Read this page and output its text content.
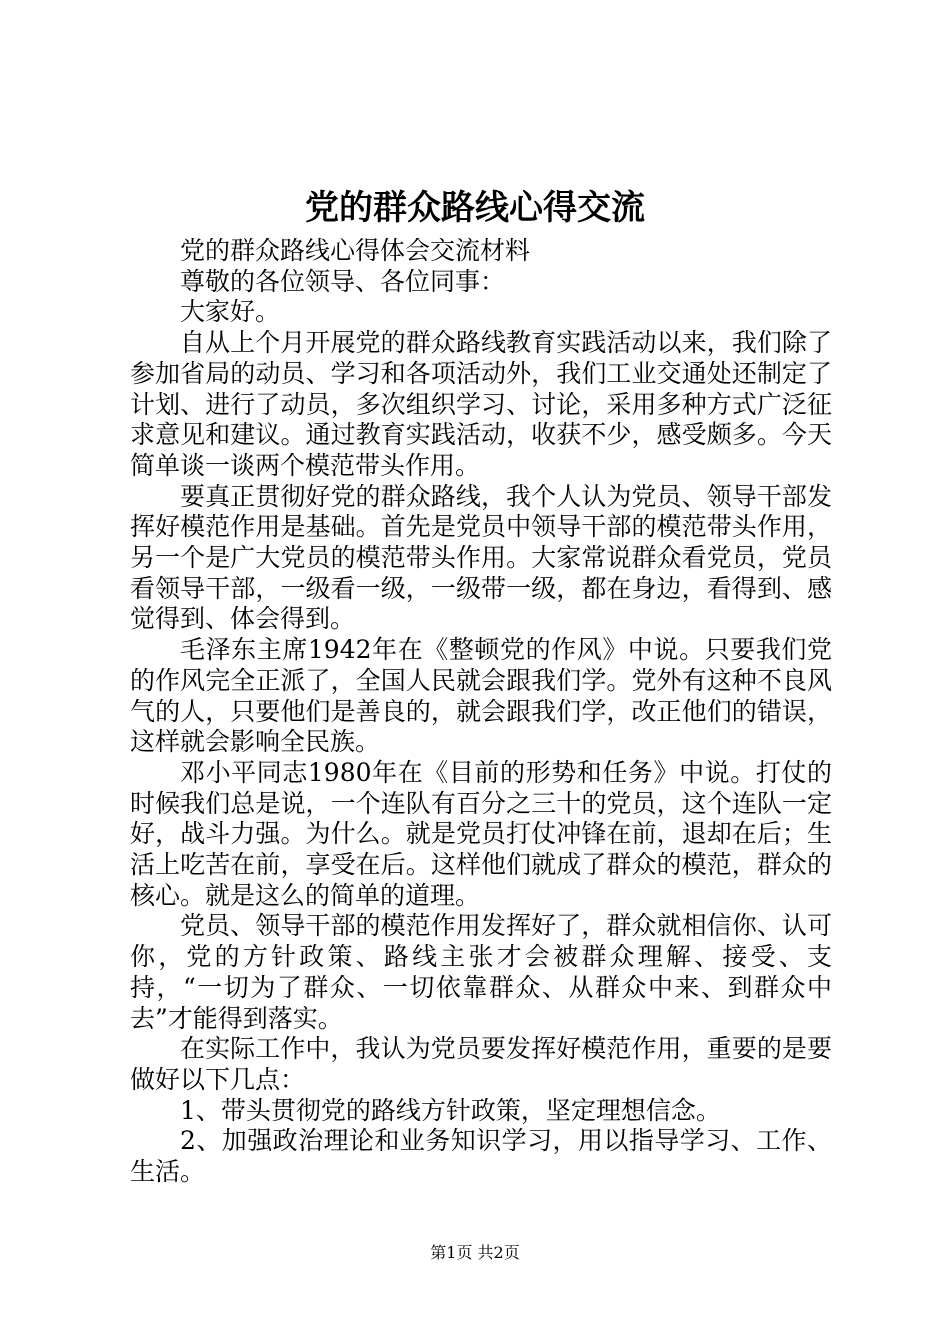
党的群众路线心得交流

党的群众路线心得体会交流材料

尊敬的各位领导、各位同事：

大家好。

自从上个月开展党的群众路线教育实践活动以来，我们除了参加省局的动员、学习和各项活动外，我们工业交通处还制定了计划、进行了动员，多次组织学习、讨论，采用多种方式广泛征求意见和建议。通过教育实践活动，收获不少，感受颇多。今天简单谈一谈两个模范带头作用。

要真正贯彻好党的群众路线，我个人认为党员、领导干部发挥好模范作用是基础。首先是党员中领导干部的模范带头作用，另一个是广大党员的模范带头作用。大家常说群众看党员，党员看领导干部，一级看一级，一级带一级，都在身边，看得到、感觉得到、体会得到。

毛泽东主席1942年在《整顿党的作风》中说。只要我们党的作风完全正派了，全国人民就会跟我们学。党外有这种不良风气的人，只要他们是善良的，就会跟我们学，改正他们的错误，这样就会影响全民族。

邓小平同志1980年在《目前的形势和任务》中说。打仗的时候我们总是说，一个连队有百分之三十的党员，这个连队一定好，战斗力强。为什么。就是党员打仗冲锋在前，退却在后；生活上吃苦在前，享受在后。这样他们就成了群众的模范，群众的核心。就是这么的简单的道理。

党员、领导干部的模范作用发挥好了，群众就相信你、认可你，党的方针政策、路线主张才会被群众理解、接受、支持，“一切为了群众、一切依靠群众、从群众中来、到群众中去”才能得到落实。

在实际工作中，我认为党员要发挥好模范作用，重要的是要做好以下几点：

1、带头贯彻党的路线方针政策，坚定理想信念。

2、加强政治理论和业务知识学习，用以指导学习、工作、生活。

第1页 共2页
